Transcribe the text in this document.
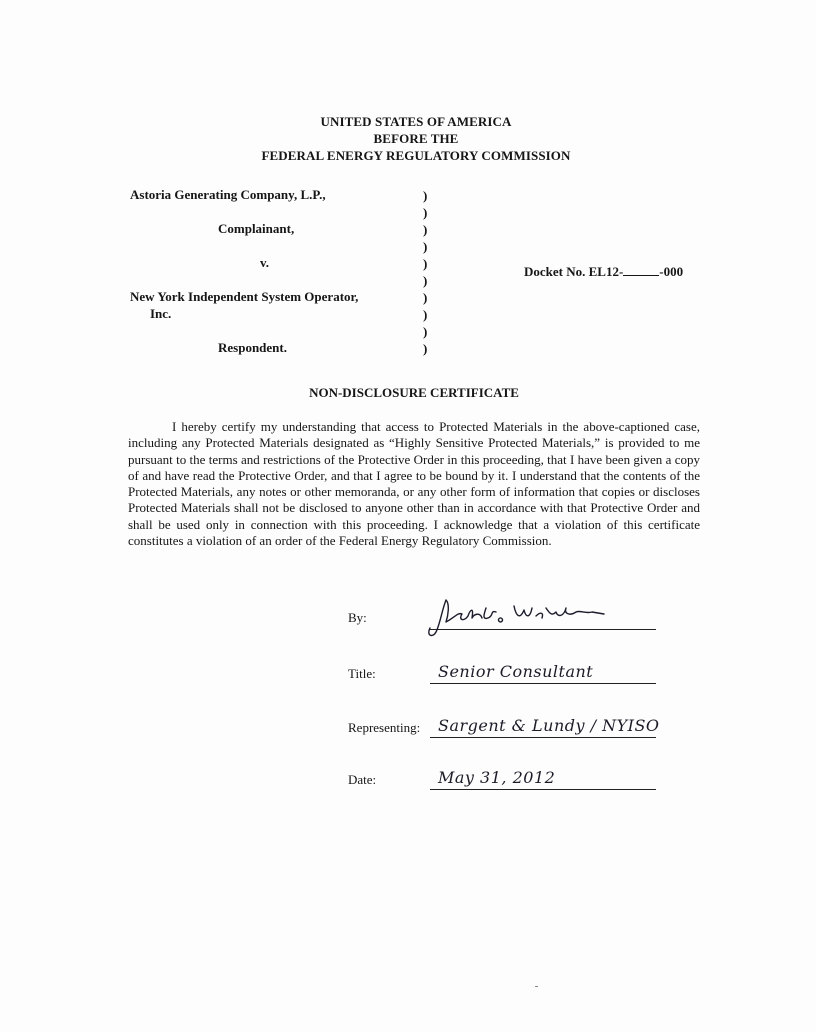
UNITED STATES OF AMERICA
BEFORE THE
FEDERAL ENERGY REGULATORY COMMISSION
Astoria Generating Company, L.P.,
Complainant,
v.
New York Independent System Operator,
Inc.
Respondent.
)
)
)
)
)
)
)
)
)
)
Docket No. EL12-	-000
NON-DISCLOSURE CERTIFICATE
I hereby certify my understanding that access to Protected Materials in the above-captioned case, including any Protected Materials designated as “Highly Sensitive Protected Materials,” is provided to me pursuant to the terms and restrictions of the Protective Order in this proceeding, that I have been given a copy of and have read the Protective Order, and that I agree to be bound by it. I understand that the contents of the Protected Materials, any notes or other memoranda, or any other form of information that copies or discloses Protected Materials shall not be disclosed to anyone other than in accordance with that Protective Order and shall be used only in connection with this proceeding. I acknowledge that a violation of this certificate constitutes a violation of an order of the Federal Energy Regulatory Commission.
By:
Title:	Senior Consultant
Representing: Sargent & Lundy / NYISO
Date:	May 31, 2012
